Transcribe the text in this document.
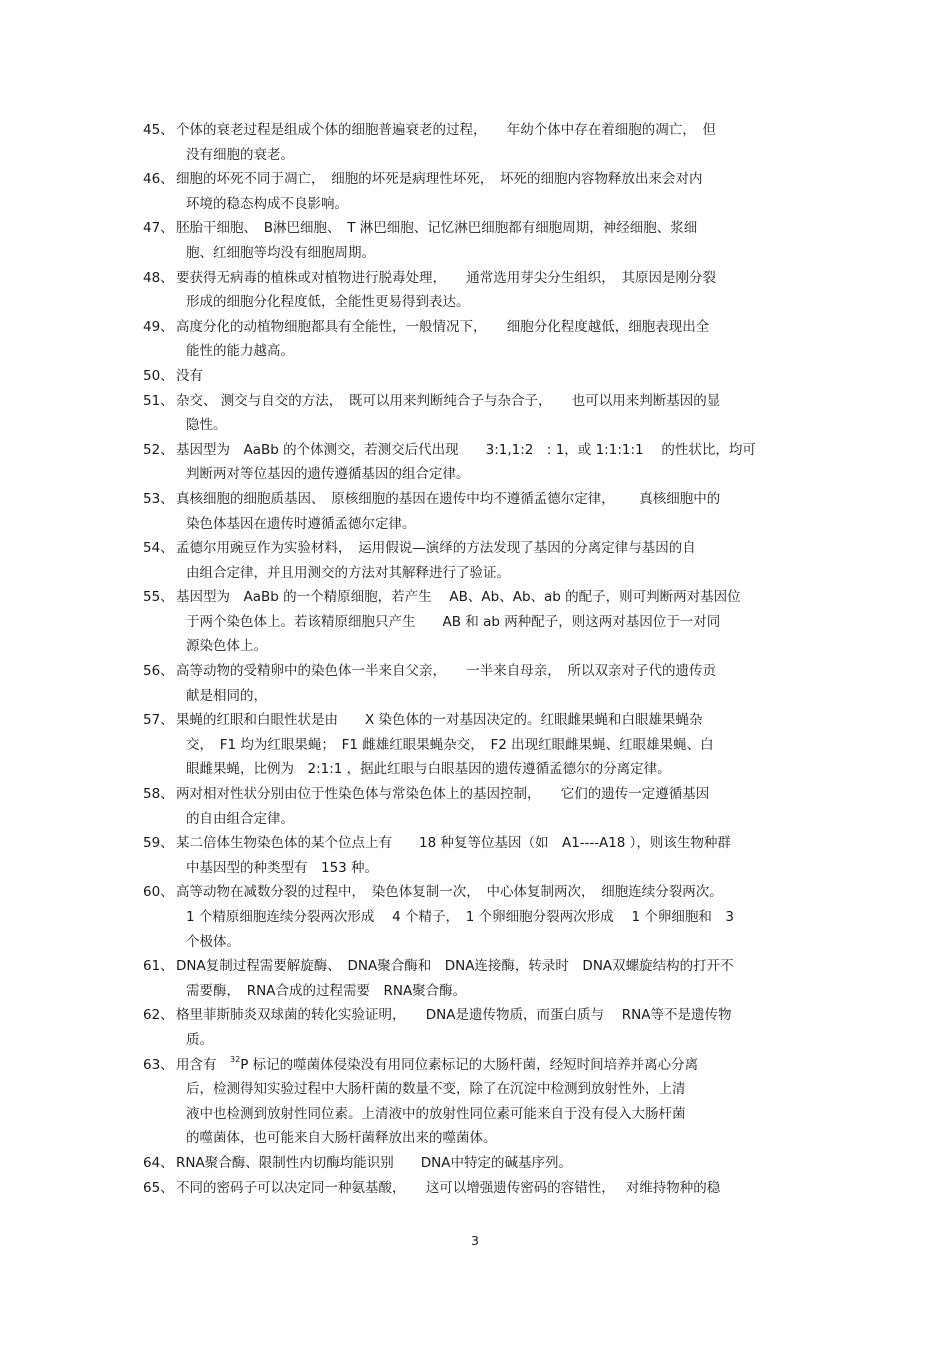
45、 个体的衰老过程是组成个体的细胞普遍衰老的过程，　　年幼个体中存在着细胞的凋亡，　但
没有细胞的衰老。
46、 细胞的坏死不同于凋亡，　细胞的坏死是病理性坏死，　坏死的细胞内容物释放出来会对内
环境的稳态构成不良影响。
47、 胚胎干细胞、　B淋巴细胞、　T 淋巴细胞、记忆淋巴细胞都有细胞周期，神经细胞、浆细
胞、红细胞等均没有细胞周期。
48、 要获得无病毒的植株或对植物进行脱毒处理，　　通常选用芽尖分生组织，　其原因是刚分裂
形成的细胞分化程度低，全能性更易得到表达。
49、 高度分化的动植物细胞都具有全能性，一般情况下，　　细胞分化程度越低，细胞表现出全
能性的能力越高。
50、 没有
51、 杂交、 测交与自交的方法，　既可以用来判断纯合子与杂合子，　　也可以用来判断基因的显
隐性。
52、 基因型为　AaBb 的个体测交，若测交后代出现　　3:1,1:2　: 1，或 1:1:1:1　 的性状比，均可
判断两对等位基因的遗传遵循基因的组合定律。
53、 真核细胞的细胞质基因、　原核细胞的基因在遗传中均不遵循孟德尔定律，　　 真核细胞中的
染色体基因在遗传时遵循孟德尔定律。
54、 孟德尔用豌豆作为实验材料，　运用假说—演绎的方法发现了基因的分离定律与基因的自
由组合定律，并且用测交的方法对其解释进行了验证。
55、 基因型为　AaBb 的一个精原细胞，若产生　 AB、Ab、Ab、ab 的配子，则可判断两对基因位
于两个染色体上。若该精原细胞只产生　　AB 和 ab 两种配子，则这两对基因位于一对同
源染色体上。
56、 高等动物的受精卵中的染色体一半来自父亲，　　一半来自母亲，　所以双亲对子代的遗传贡
献是相同的，
57、 果蝇的红眼和白眼性状是由　　X 染色体的一对基因决定的。红眼雌果蝇和白眼雄果蝇杂
交，　F1 均为红眼果蝇；　F1 雌雄红眼果蝇杂交，　F2 出现红眼雌果蝇、红眼雄果蝇、白
眼雌果蝇，比例为　2:1:1 ，据此红眼与白眼基因的遗传遵循孟德尔的分离定律。
58、 两对相对性状分别由位于性染色体与常染色体上的基因控制，　　它们的遗传一定遵循基因
的自由组合定律。
59、 某二倍体生物染色体的某个位点上有　　18 种复等位基因（如　A1----A18 ），则该生物种群
中基因型的种类型有　153 种。
60、 高等动物在减数分裂的过程中，　染色体复制一次，　中心体复制两次，　细胞连续分裂两次。
1 个精原细胞连续分裂两次形成　 4 个精子，　1 个卵细胞分裂两次形成　 1 个卵细胞和　3
个极体。
61、 DNA复制过程需要解旋酶、　DNA聚合酶和　DNA连接酶，转录时　DNA双螺旋结构的打开不
需要酶，　RNA合成的过程需要　RNA聚合酶。
62、 格里菲斯肺炎双球菌的转化实验证明，　　DNA是遗传物质，而蛋白质与　 RNA等不是遗传物
质。
63、 用含有　$^{32}$P 标记的噬菌体侵染没有用同位素标记的大肠杆菌，经短时间培养并离心分离
后，检测得知实验过程中大肠杆菌的数量不变，除了在沉淀中检测到放射性外，上清
液中也检测到放射性同位素。上清液中的放射性同位素可能来自于没有侵入大肠杆菌
的噬菌体，也可能来自大肠杆菌释放出来的噬菌体。
64、 RNA聚合酶、限制性内切酶均能识别　　DNA中特定的碱基序列。
65、 不同的密码子可以决定同一种氨基酸，　　这可以增强遗传密码的容错性，　 对维持物种的稳
3
